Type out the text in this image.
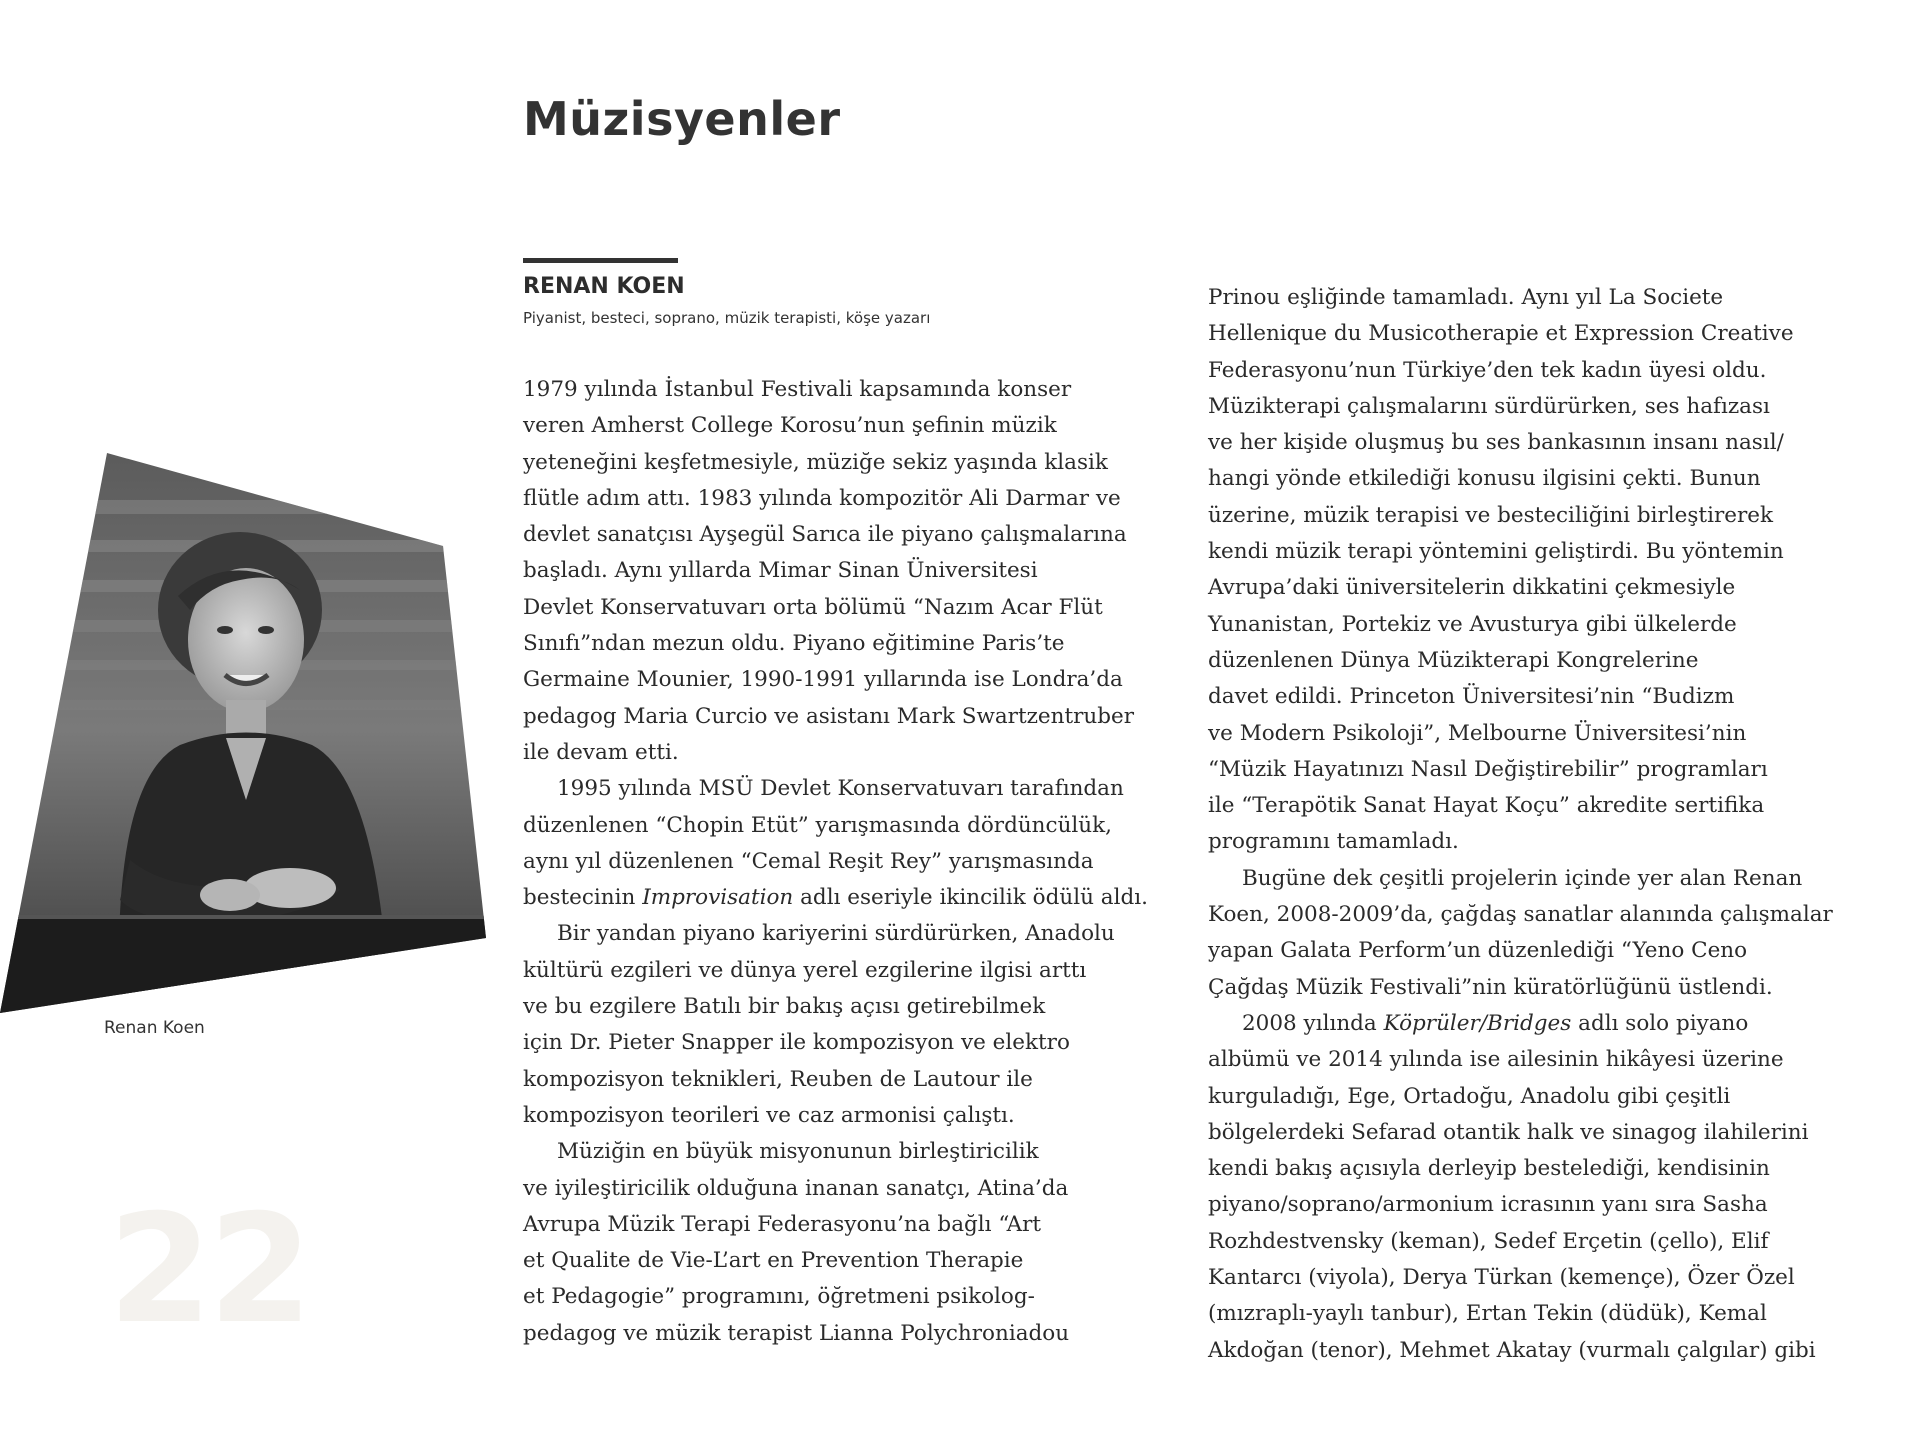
Müzisyenler
22
Renan Koen
RENAN KOEN
Piyanist, besteci, soprano, müzik terapisti, köşe yazarı

1979 yılında İstanbul Festivali kapsamında konser
veren Amherst College Korosu’nun şefinin müzik
yeteneğini keşfetmesiyle, müziğe sekiz yaşında klasik
flütle adım attı. 1983 yılında kompozitör Ali Darmar ve
devlet sanatçısı Ayşegül Sarıca ile piyano çalışmalarına
başladı. Aynı yıllarda Mimar Sinan Üniversitesi
Devlet Konservatuvarı orta bölümü “Nazım Acar Flüt
Sınıfı”ndan mezun oldu. Piyano eğitimine Paris’te
Germaine Mounier, 1990-1991 yıllarında ise Londra’da
pedagog Maria Curcio ve asistanı Mark Swartzentruber
ile devam etti.

1995 yılında MSÜ Devlet Konservatuvarı tarafından
düzenlenen “Chopin Etüt” yarışmasında dördüncülük,
aynı yıl düzenlenen “Cemal Reşit Rey” yarışmasında
bestecinin Improvisation adlı eseriyle ikincilik ödülü aldı.

Bir yandan piyano kariyerini sürdürürken, Anadolu
kültürü ezgileri ve dünya yerel ezgilerine ilgisi arttı
ve bu ezgilere Batılı bir bakış açısı getirebilmek
için Dr. Pieter Snapper ile kompozisyon ve elektro
kompozisyon teknikleri, Reuben de Lautour ile
kompozisyon teorileri ve caz armonisi çalıştı.

Müziğin en büyük misyonunun birleştiricilik
ve iyileştiricilik olduğuna inanan sanatçı, Atina’da
Avrupa Müzik Terapi Federasyonu’na bağlı “Art
et Qualite de Vie-L’art en Prevention Therapie
et Pedagogie” programını, öğretmeni psikolog-
pedagog ve müzik terapist Lianna Polychroniadou

Prinou eşliğinde tamamladı. Aynı yıl La Societe
Hellenique du Musicotherapie et Expression Creative
Federasyonu’nun Türkiye’den tek kadın üyesi oldu.
Müzikterapi çalışmalarını sürdürürken, ses hafızası
ve her kişide oluşmuş bu ses bankasının insanı nasıl/
hangi yönde etkilediği konusu ilgisini çekti. Bunun
üzerine, müzik terapisi ve besteciliğini birleştirerek
kendi müzik terapi yöntemini geliştirdi. Bu yöntemin
Avrupa’daki üniversitelerin dikkatini çekmesiyle
Yunanistan, Portekiz ve Avusturya gibi ülkelerde
düzenlenen Dünya Müzikterapi Kongrelerine
davet edildi. Princeton Üniversitesi’nin “Budizm
ve Modern Psikoloji”, Melbourne Üniversitesi’nin
“Müzik Hayatınızı Nasıl Değiştirebilir” programları
ile “Terapötik Sanat Hayat Koçu” akredite sertifika
programını tamamladı.

Bugüne dek çeşitli projelerin içinde yer alan Renan
Koen, 2008-2009’da, çağdaş sanatlar alanında çalışmalar
yapan Galata Perform’un düzenlediği “Yeno Ceno
Çağdaş Müzik Festivali”nin küratörlüğünü üstlendi.

2008 yılında Köprüler/Bridges adlı solo piyano
albümü ve 2014 yılında ise ailesinin hikâyesi üzerine
kurguladığı, Ege, Ortadoğu, Anadolu gibi çeşitli
bölgelerdeki Sefarad otantik halk ve sinagog ilahilerini
kendi bakış açısıyla derleyip bestelediği, kendisinin
piyano/soprano/armonium icrasının yanı sıra Sasha
Rozhdestvensky (keman), Sedef Erçetin (çello), Elif
Kantarcı (viyola), Derya Türkan (kemençe), Özer Özel
(mızraplı-yaylı tanbur), Ertan Tekin (düdük), Kemal
Akdoğan (tenor), Mehmet Akatay (vurmalı çalgılar) gibi
